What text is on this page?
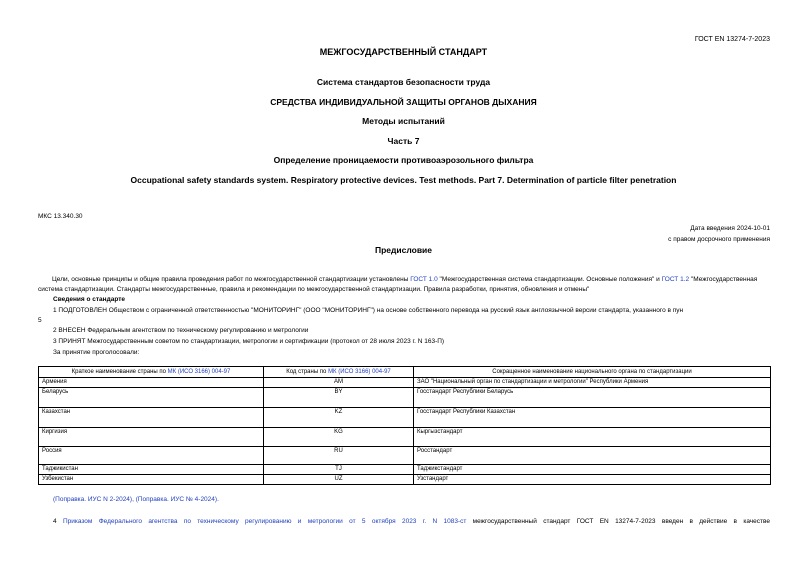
ГОСТ EN 13274-7-2023
МЕЖГОСУДАРСТВЕННЫЙ СТАНДАРТ
Система стандартов безопасности труда
СРЕДСТВА ИНДИВИДУАЛЬНОЙ ЗАЩИТЫ ОРГАНОВ ДЫХАНИЯ
Методы испытаний
Часть 7
Определение проницаемости противоаэрозольного фильтра
Occupational safety standards system. Respiratory protective devices. Test methods. Part 7. Determination of particle filter penetration
МКС 13.340.30
Дата введения 2024-10-01
с правом досрочного применения
Предисловие
Цели, основные принципы и общие правила проведения работ по межгосударственной стандартизации установлены ГОСТ 1.0 "Межгосударственная система стандартизации. Основные положения" и ГОСТ 1.2 "Межгосударственная система стандартизации. Стандарты межгосударственные, правила и рекомендации по межгосударственной стандартизации. Правила разработки, принятия, обновления и отмены"
Сведения о стандарте
1 ПОДГОТОВЛЕН Обществом с ограниченной ответственностью "МОНИТОРИНГ" (ООО "МОНИТОРИНГ") на основе собственного перевода на русский язык англоязычной версии стандарта, указанного в пун
5
2 ВНЕСЕН Федеральным агентством по техническому регулированию и метрологии
3 ПРИНЯТ Межгосударственным советом по стандартизации, метрологии и сертификации (протокол от 28 июля 2023 г. N 163-П)
За принятие проголосовали:
Краткое наименование страны по МК (ИСО 3166) 004-97	Код страны по МК (ИСО 3166) 004-97	Сокращенное наименование национального органа по стандартизации
Армения	AM	ЗАО "Национальный орган по стандартизации и метрологии" Республики Армения
Беларусь	BY	Госстандарт Республики Беларусь
Казахстан	KZ	Госстандарт Республики Казахстан
Киргизия	KG	Кыргызстандарт
Россия	RU	Росстандарт
Таджикистан	TJ	Таджикстандарт
Узбекистан	UZ	Узстандарт
(Поправка. ИУС N 2-2024), (Поправка. ИУС № 4-2024).
4 Приказом Федерального агентства по техническому регулированию и метрологии от 5 октября 2023 г. N 1083-ст межгосударственный стандарт ГОСТ EN 13274-7-2023 введен в действие в качестве
